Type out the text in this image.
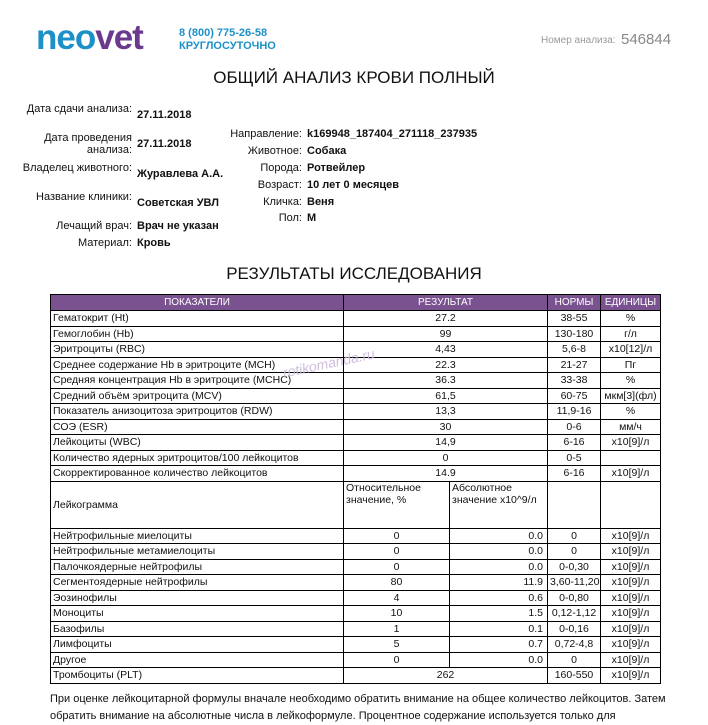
neovet	8 (800) 775-26-58
КРУГЛОСУТОЧНО	Номер анализа: 546844
ОБЩИЙ АНАЛИЗ КРОВИ ПОЛНЫЙ
Дата сдачи анализа: 27.11.2018
Дата проведения анализа: 27.11.2018
Владелец животного: Журавлева А.А.
Название клиники: Советская УВЛ
Лечащий врач: Врач не указан
Материал: Кровь
Направление: k169948_187404_271118_237935
Животное: Собака
Порода: Ротвейлер
Возраст: 10 лет 0 месяцев
Кличка: Веня
Пол: М
РЕЗУЛЬТАТЫ ИССЛЕДОВАНИЯ
ПОКАЗАТЕЛИ	РЕЗУЛЬТАТ		НОРМЫ	ЕДИНИЦЫ
Гематокрит (Ht)	27.2		38-55	%
Гемоглобин (Hb)	99		130-180	г/л
Эритроциты (RBC)	4,43		5,6-8	x10[12]/л
Среднее содержание Hb в эритроците (MCH)	22.3		21-27	Пг
Средняя концентрация Hb в эритроците (MCHC)	36.3		33-38	%
Средний объём эритроцита (MCV)	61,5		60-75	мкм[3](фл)
Показатель анизоцитоза эритроцитов (RDW)	13,3		11,9-16	%
СОЭ (ESR)	30		0-6	мм/ч
Лейкоциты (WBC)	14,9		6-16	x10[9]/л
Количество ядерных эритроцитов/100 лейкоцитов	0		0-5	
Скорректированное количество лейкоцитов	14.9		6-16	x10[9]/л
Лейкограмма	Относительное значение, %	Абсолютное значение x10^9/л		
Нейтрофильные миелоциты	0	0.0	0	x10[9]/л
Нейтрофильные метамиелоциты	0	0.0	0	x10[9]/л
Палочкоядерные нейтрофилы	0	0.0	0-0,30	x10[9]/л
Сегментоядерные нейтрофилы	80	11.9	3,60-11,20	x10[9]/л
Эозинофилы	4	0.6	0-0,80	x10[9]/л
Моноциты	10	1.5	0,12-1,12	x10[9]/л
Базофилы	1	0.1	0-0,16	x10[9]/л
Лимфоциты	5	0.7	0,72-4,8	x10[9]/л
Другое	0	0.0	0	x10[9]/л
Тромбоциты (PLT)	262		160-550	x10[9]/л
rotikomanda.ru
При оценке лейкоцитарной формулы вначале необходимо обратить внимание на общее количество лейкоцитов. Затем обратить внимание на абсолютные числа в лейкоформуле. Процентное содержание используется только для
